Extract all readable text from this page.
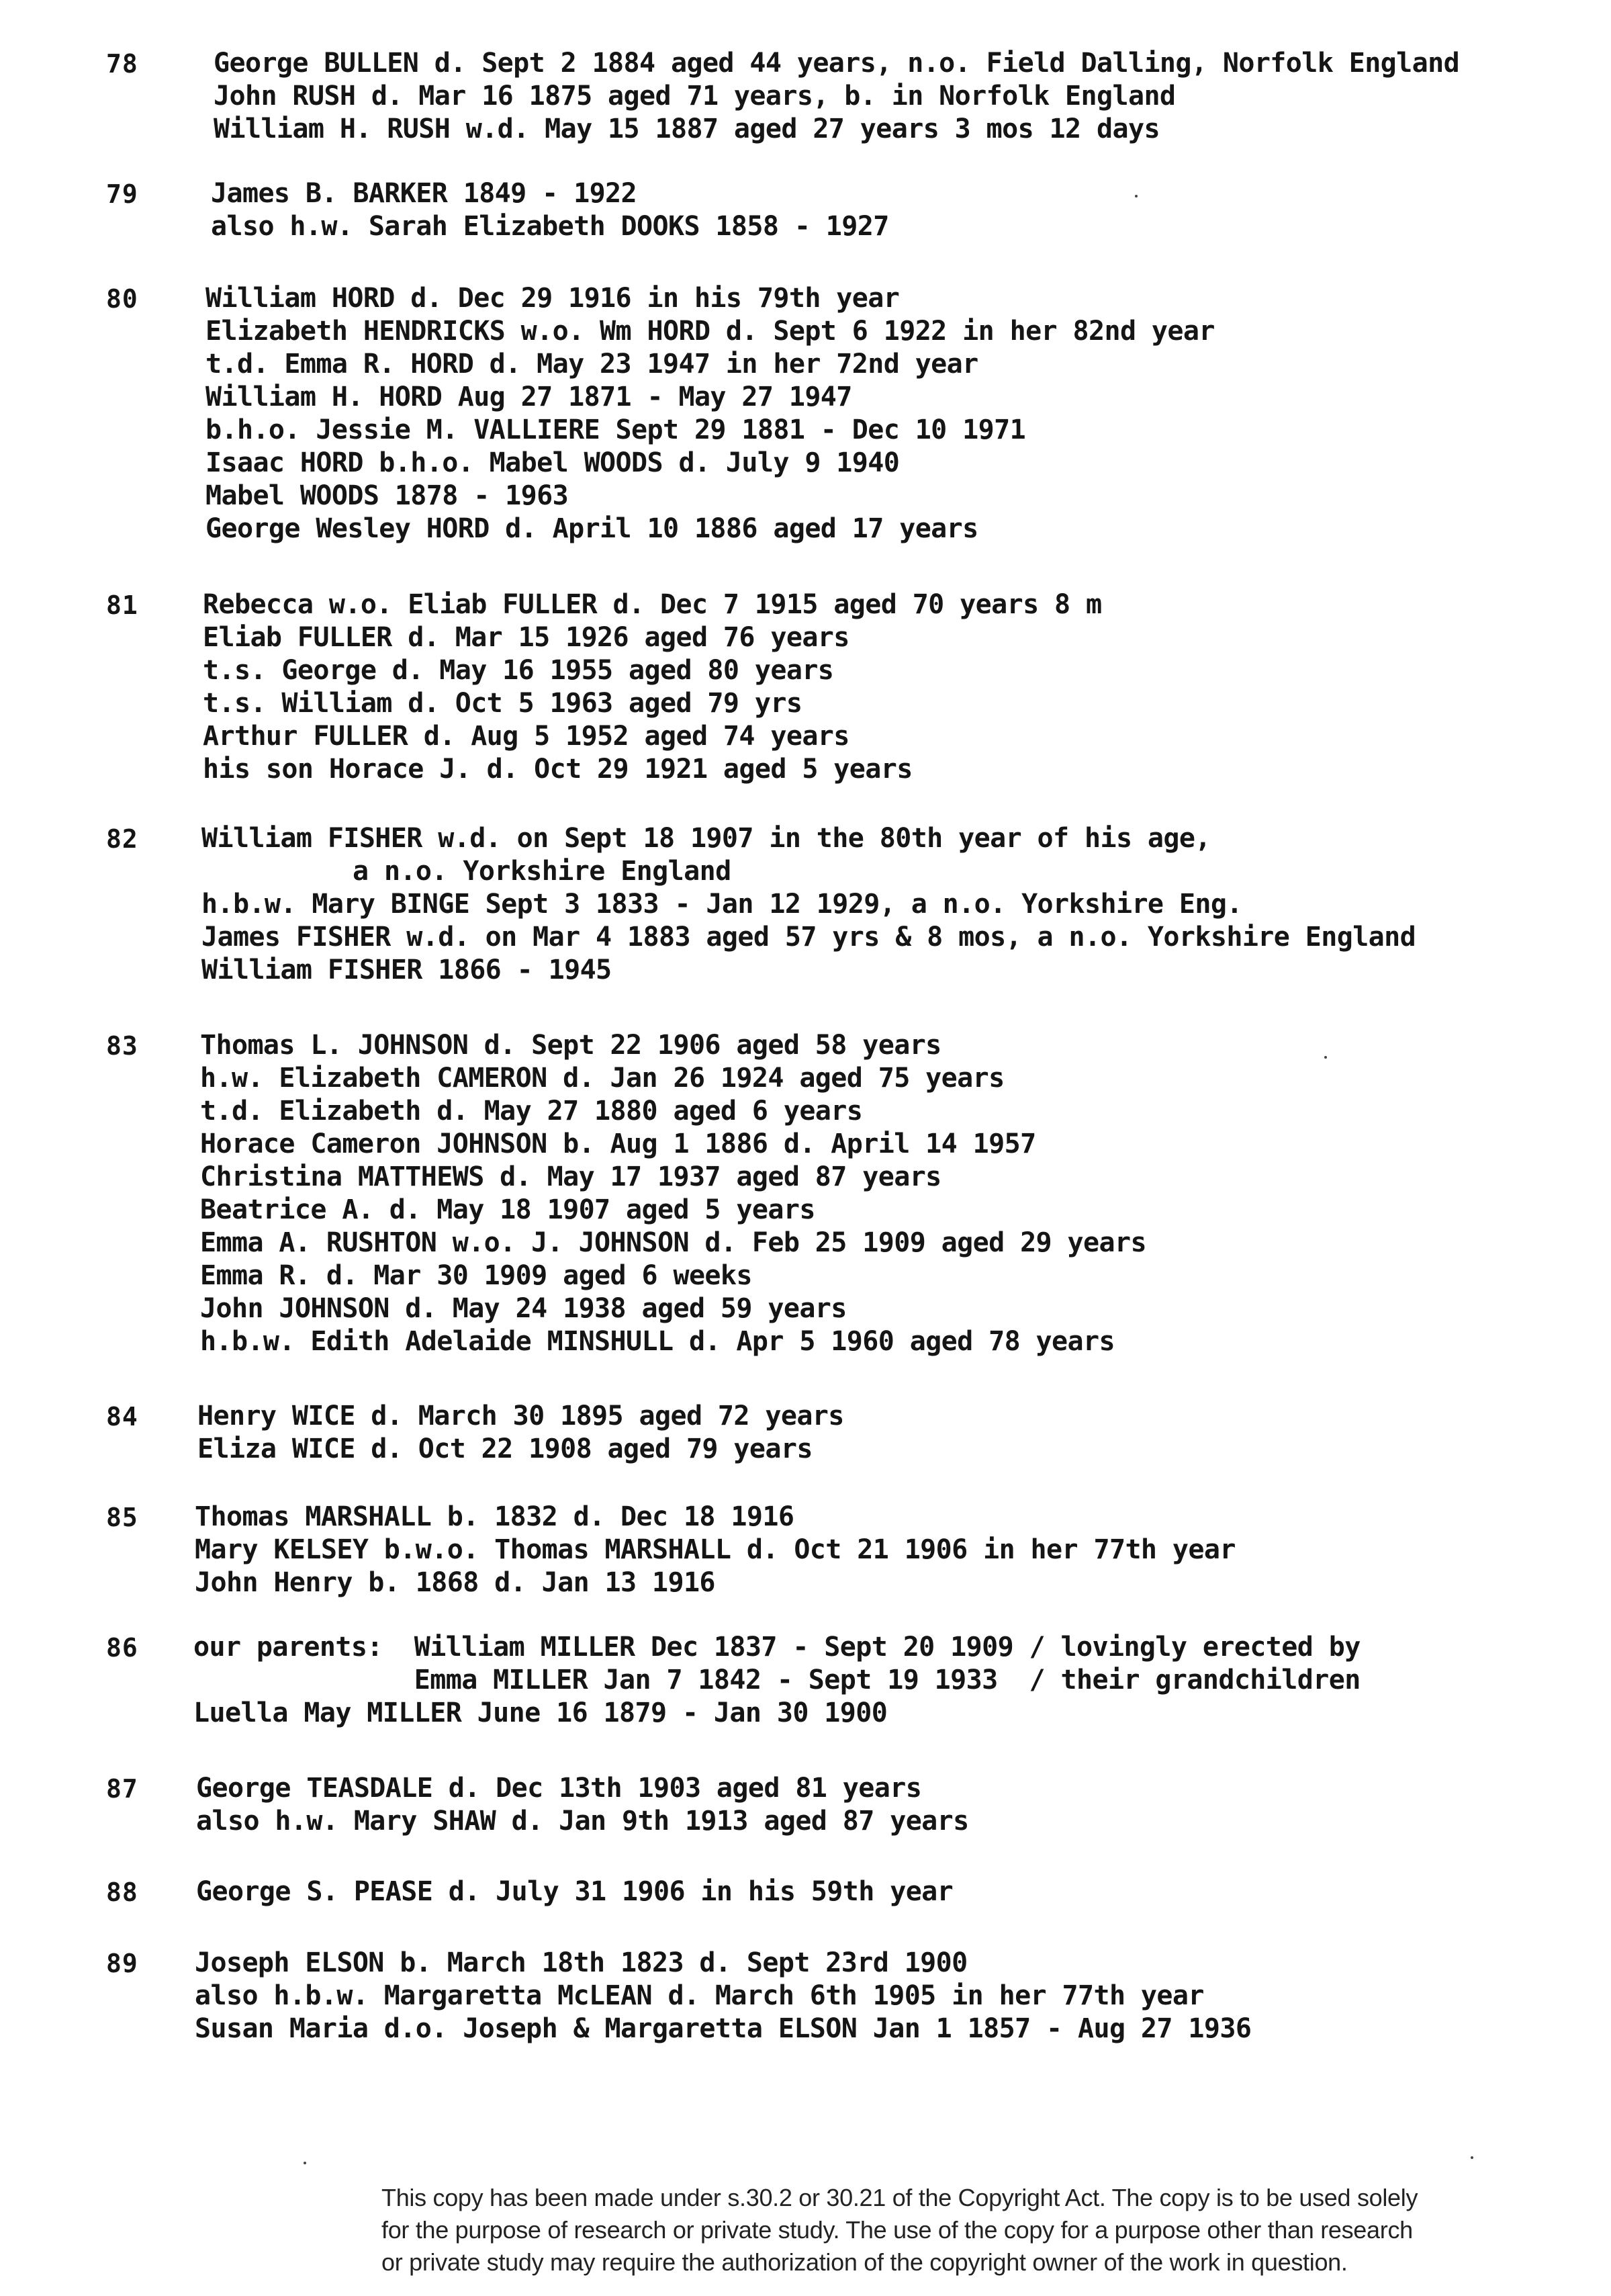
78	George BULLEN d. Sept 2 1884 aged 44 years, n.o. Field Dalling, Norfolk England
John RUSH d. Mar 16 1875 aged 71 years, b. in Norfolk England
William H. RUSH w.d. May 15 1887 aged 27 years 3 mos 12 days
79	James B. BARKER 1849 - 1922
also h.w. Sarah Elizabeth DOOKS 1858 - 1927
80	William HORD d. Dec 29 1916 in his 79th year
Elizabeth HENDRICKS w.o. Wm HORD d. Sept 6 1922 in her 82nd year
t.d. Emma R. HORD d. May 23 1947 in her 72nd year
William H. HORD Aug 27 1871 - May 27 1947
b.h.o. Jessie M. VALLIERE Sept 29 1881 - Dec 10 1971
Isaac HORD b.h.o. Mabel WOODS d. July 9 1940
Mabel WOODS 1878 - 1963
George Wesley HORD d. April 10 1886 aged 17 years
81 Rebecca w.o. Eliab FULLER d. Dec 7 1915 aged 70 years 8 m
Eliab FULLER d. Mar 15 1926 aged 76 years
t.s. George d. May 16 1955 aged 80 years
t.s. William d. Oct 5 1963 aged 79 yrs
Arthur FULLER d. Aug 5 1952 aged 74 years
his son Horace J. d. Oct 29 1921 aged 5 years
82 William FISHER w.d. on Sept 18 1907 in the 80th year of his age,
a n.o. Yorkshire England
h.b.w. Mary BINGE Sept 3 1833 - Jan 12 1929, a n.o. Yorkshire Eng.
James FISHER w.d. on Mar 4 1883 aged 57 yrs & 8 mos, a n.o. Yorkshire England
William FISHER 1866 - 1945
83 Thomas L. JOHNSON d. Sept 22 1906 aged 58 years
h.w. Elizabeth CAMERON d. Jan 26 1924 aged 75 years
t.d. Elizabeth d. May 27 1880 aged 6 years
Horace Cameron JOHNSON b. Aug 1 1886 d. April 14 1957
Christina MATTHEWS d. May 17 1937 aged 87 years
Beatrice A. d. May 18 1907 aged 5 years
Emma A. RUSHTON w.o. J. JOHNSON d. Feb 25 1909 aged 29 years
Emma R. d. Mar 30 1909 aged 6 weeks
John JOHNSON d. May 24 1938 aged 59 years
h.b.w. Edith Adelaide MINSHULL d. Apr 5 1960 aged 78 years
84 Henry WICE d. March 30 1895 aged 72 years
Eliza WICE d. Oct 22 1908 aged 79 years
85 Thomas MARSHALL b. 1832 d. Dec 18 1916
Mary KELSEY b.w.o. Thomas MARSHALL d. Oct 21 1906 in her 77th year
John Henry b. 1868 d. Jan 13 1916
86 our parents:  William MILLER Dec 1837 - Sept 20 1909 / lovingly erected by
Emma MILLER Jan 7 1842 - Sept 19 1933  / their grandchildren
Luella May MILLER June 16 1879 - Jan 30 1900
87 George TEASDALE d. Dec 13th 1903 aged 81 years
also h.w. Mary SHAW d. Jan 9th 1913 aged 87 years
88 George S. PEASE d. July 31 1906 in his 59th year
89 Joseph ELSON b. March 18th 1823 d. Sept 23rd 1900
also h.b.w. Margaretta McLEAN d. March 6th 1905 in her 77th year
Susan Maria d.o. Joseph & Margaretta ELSON Jan 1 1857 - Aug 27 1936
This copy has been made under s.30.2 or 30.21 of the Copyright Act. The copy is to be used solely
for the purpose of research or private study. The use of the copy for a purpose other than research
or private study may require the authorization of the copyright owner of the work in question.
